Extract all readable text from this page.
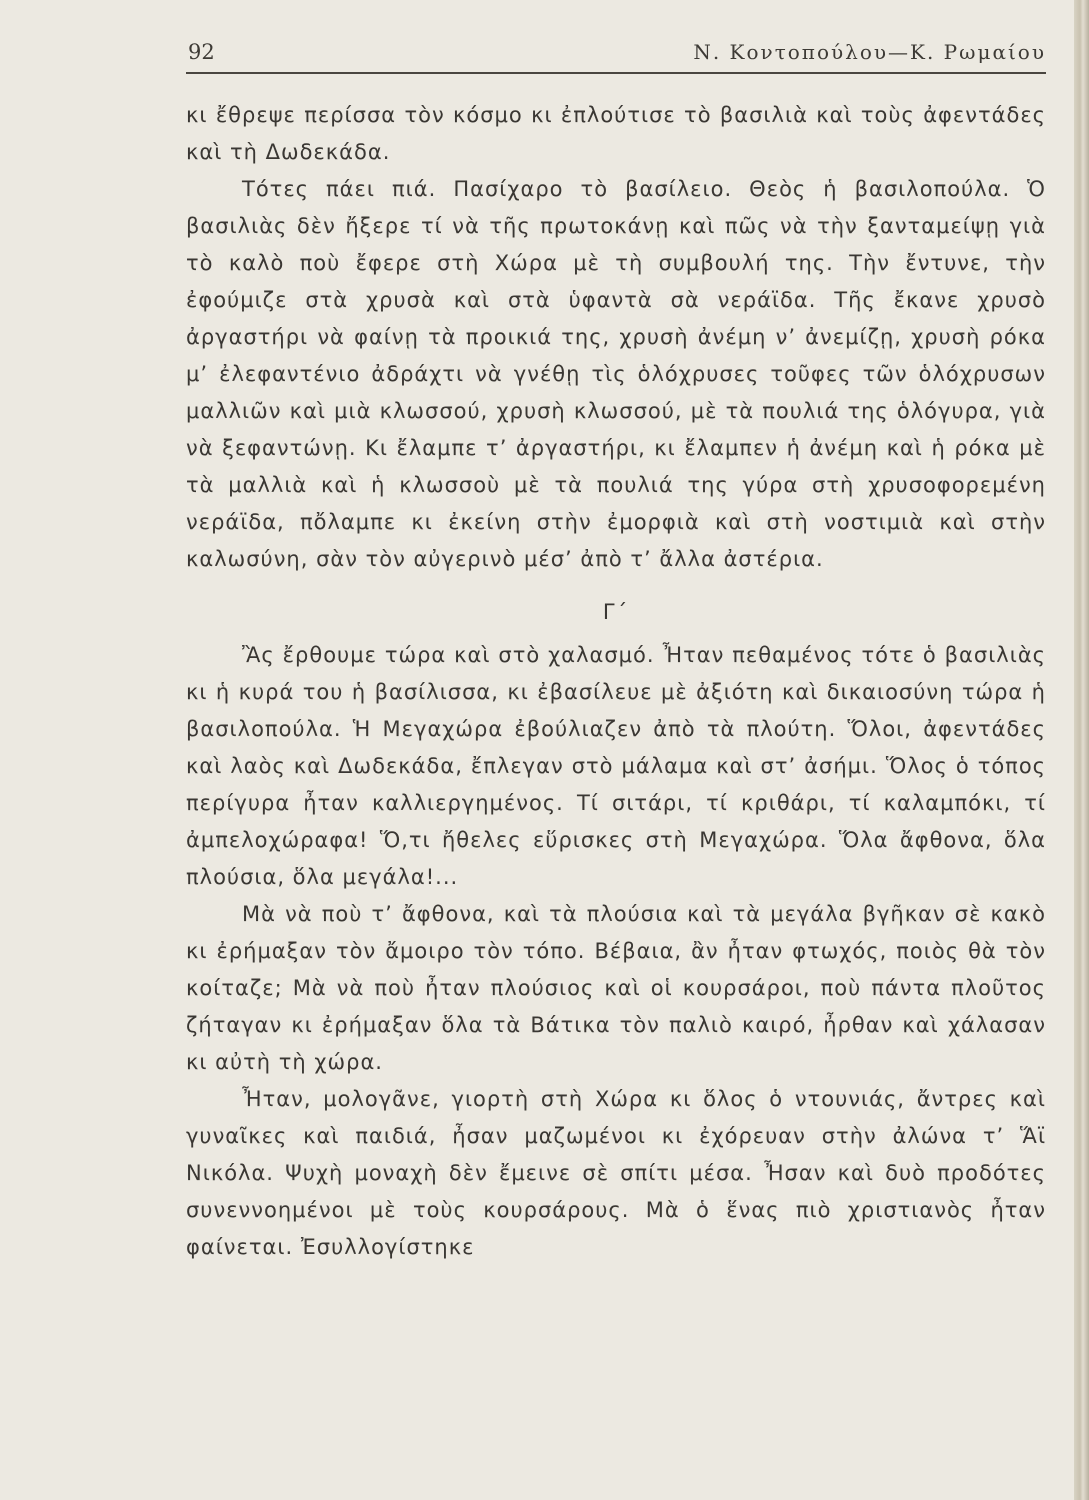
92	Ν. Κοντοπούλου—Κ. Ρωμαίου

κι ἔθρεψε περίσσα τὸν κόσμο κι ἐπλούτισε τὸ βασιλιὰ καὶ τοὺς ἀφεντάδες καὶ τὴ Δωδεκάδα.

Τότες πάει πιά. Πασίχαρο τὸ βασίλειο. Θεὸς ἡ βασιλοπούλα. Ὁ βασιλιὰς δὲν ἤξερε τί νὰ τῆς πρωτοκάνῃ καὶ πῶς νὰ τὴν ξανταμείψῃ γιὰ τὸ καλὸ ποὺ ἔφερε στὴ Χώρα μὲ τὴ συμβουλή της. Τὴν ἔντυνε, τὴν ἐφούμιζε στὰ χρυσὰ καὶ στὰ ὑφαντὰ σὰ νεράϊδα. Τῆς ἔκανε χρυσὸ ἀργαστήρι νὰ φαίνῃ τὰ προικιά της, χρυσὴ ἀνέμη ν’ ἀνεμίζῃ, χρυσὴ ρόκα μ’ ἐλεφαντένιο ἀδράχτι νὰ γνέθῃ τὶς ὁλόχρυσες τοῦφες τῶν ὁλόχρυσων μαλλιῶν καὶ μιὰ κλωσσού, χρυσὴ κλωσσού, μὲ τὰ πουλιά της ὁλόγυρα, γιὰ νὰ ξεφαντώνῃ. Κι ἔλαμπε τ’ ἀργαστήρι, κι ἔλαμπεν ἡ ἀνέμη καὶ ἡ ρόκα μὲ τὰ μαλλιὰ καὶ ἡ κλωσσοὺ μὲ τὰ πουλιά της γύρα στὴ χρυσοφορεμένη νεράϊδα, πὄλαμπε κι ἐκείνη στὴν ἐμορφιὰ καὶ στὴ νοστιμιὰ καὶ στὴν καλωσύνη, σὰν τὸν αὐγερινὸ μέσ’ ἀπὸ τ’ ἄλλα ἀστέρια.

Γ΄

Ἂς ἔρθουμε τώρα καὶ στὸ χαλασμό. Ἦταν πεθαμένος τότε ὁ βασιλιὰς κι ἡ κυρά του ἡ βασίλισσα, κι ἐβασίλευε μὲ ἀξιότη καὶ δικαιοσύνη τώρα ἡ βασιλοπούλα. Ἡ Μεγαχώρα ἐβούλιαζεν ἀπὸ τὰ πλούτη. Ὅλοι, ἀφεντάδες καὶ λαὸς καὶ Δωδεκάδα, ἔπλεγαν στὸ μάλαμα καὶ στ’ ἀσήμι. Ὅλος ὁ τόπος περίγυρα ἦταν καλλιεργημένος. Τί σιτάρι, τί κριθάρι, τί καλαμπόκι, τί ἀμπελοχώραφα! Ὅ,τι ἤθελες εὕρισκες στὴ Μεγαχώρα. Ὅλα ἄφθονα, ὅλα πλούσια, ὅλα μεγάλα!...

Μὰ νὰ ποὺ τ’ ἄφθονα, καὶ τὰ πλούσια καὶ τὰ μεγάλα βγῆκαν σὲ κακὸ κι ἐρήμαξαν τὸν ἄμοιρο τὸν τόπο. Βέβαια, ἂν ἦταν φτωχός, ποιὸς θὰ τὸν κοίταζε; Μὰ νὰ ποὺ ἦταν πλούσιος καὶ οἱ κουρσάροι, ποὺ πάντα πλοῦτος ζήταγαν κι ἐρήμαξαν ὅλα τὰ Βάτικα τὸν παλιὸ καιρό, ἦρθαν καὶ χάλασαν κι αὐτὴ τὴ χώρα.

Ἦταν, μολογᾶνε, γιορτὴ στὴ Χώρα κι ὅλος ὁ ντουνιάς, ἄντρες καὶ γυναῖκες καὶ παιδιά, ἦσαν μαζωμένοι κι ἐχόρευαν στὴν ἀλώνα τ’ Ἅϊ Νικόλα. Ψυχὴ μοναχὴ δὲν ἔμεινε σὲ σπίτι μέσα. Ἦσαν καὶ δυὸ προδότες συνεννοημένοι μὲ τοὺς κουρσάρους. Μὰ ὁ ἕνας πιὸ χριστιανὸς ἦταν φαίνεται. Ἐσυλλογίστηκε
